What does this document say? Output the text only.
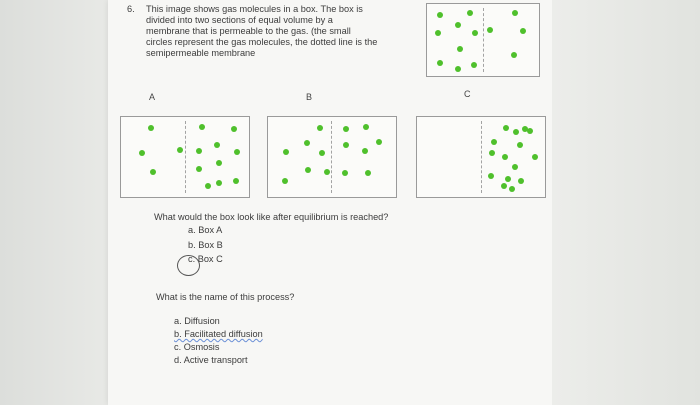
6. This image shows gas molecules in a box. The box is
divided into two sections of equal volume by a
membrane that is permeable to the gas. (the small
circles represent the gas molecules, the dotted line is the
semipermeable membrane
A	B	C
What would the box look like after equilibrium is reached?
a. Box A
b. Box B
c. Box C
What is the name of this process?
a. Diffusion
b. Facilitated diffusion
c. Osmosis
d. Active transport
